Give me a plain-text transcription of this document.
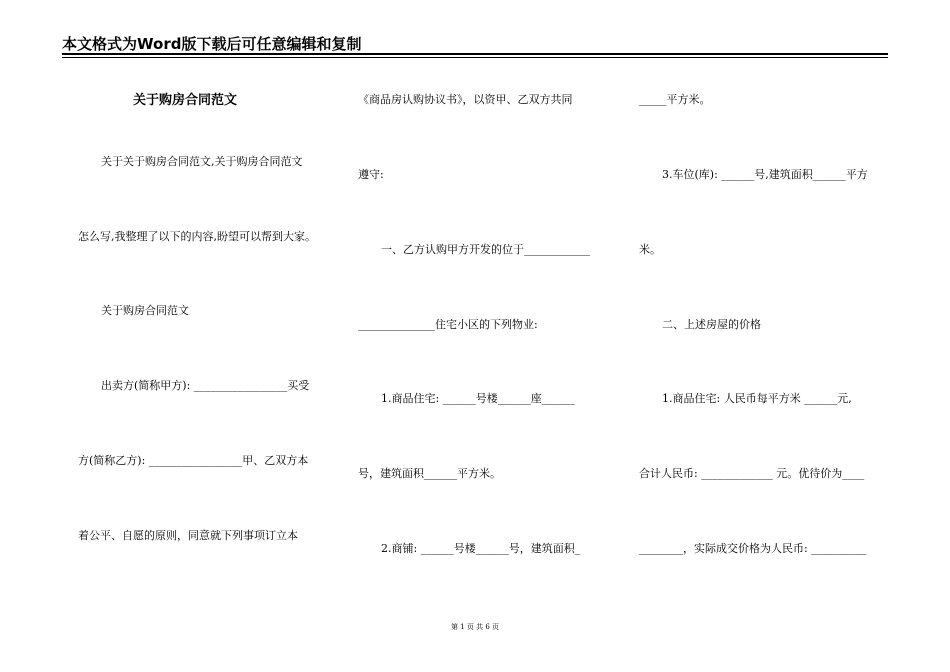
本文格式为Word版下载后可任意编辑和复制
关于购房合同范文
关于关于购房合同范文,关于购房合同范文
怎么写,我整理了以下的内容,盼望可以帮到大家。
关于购房合同范文
出卖方(简称甲方): _________________买受
方(简称乙方): _________________甲、乙双方本
着公平、自愿的原则，同意就下列事项订立本
《商品房认购协议书》，以资甲、乙双方共同
遵守:
一、乙方认购甲方开发的位于____________
______________住宅小区的下列物业:
1.商品住宅: ______号楼______座______
号，建筑面积______平方米。
2.商铺: ______号楼______号，建筑面积_
_____平方米。
3.车位(库): ______号,建筑面积______平方
米。
二、上述房屋的价格
1.商品住宅: 人民币每平方米 ______元,
合计人民币: _____________ 元。优待价为____
________，实际成交价格为人民币: __________
第 1 页 共 6 页
